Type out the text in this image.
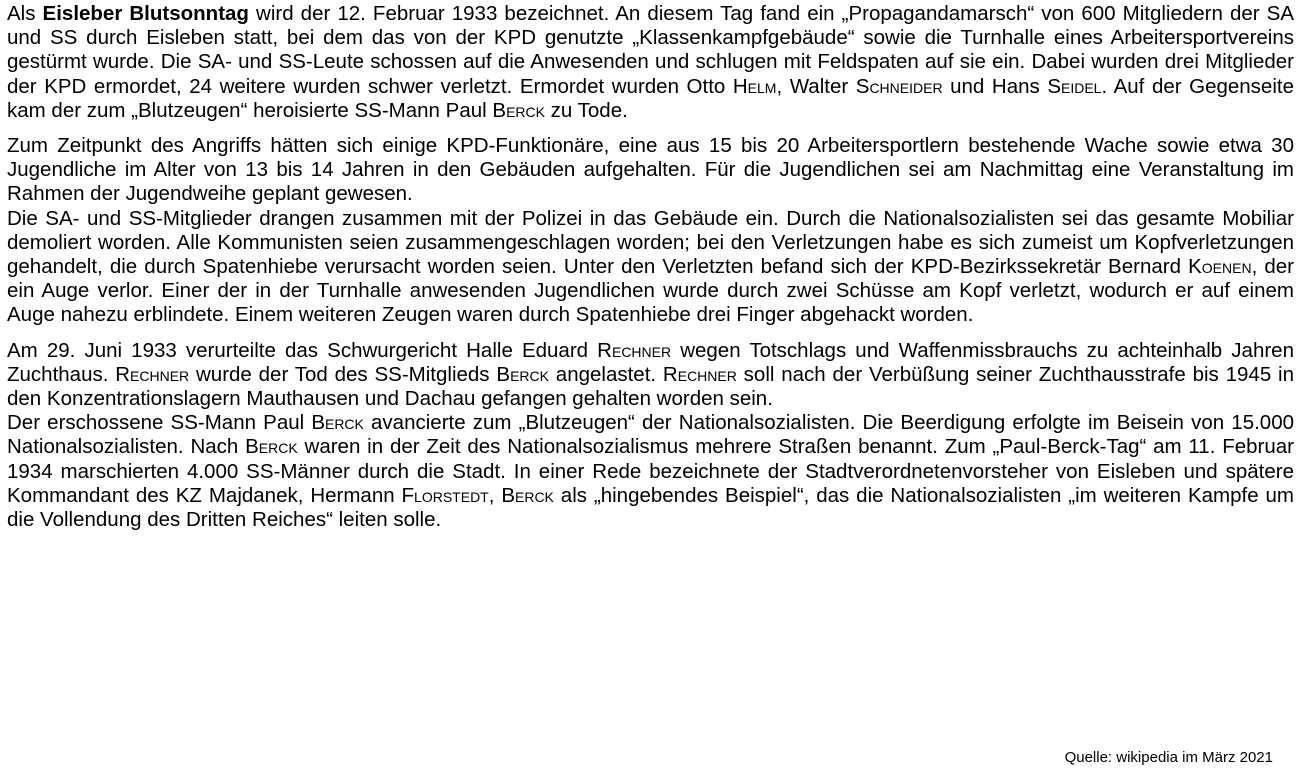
Als Eisleber Blutsonntag wird der 12. Februar 1933 bezeichnet. An diesem Tag fand ein „Propagandamarsch“ von 600 Mitgliedern der SA und SS durch Eisleben statt, bei dem das von der KPD genutzte „Klassenkampfgebäude“ sowie die Turnhalle eines Arbeitersportvereins gestürmt wurde. Die SA- und SS-Leute schossen auf die Anwesenden und schlugen mit Feldspaten auf sie ein. Dabei wurden drei Mitglieder der KPD ermordet, 24 weitere wurden schwer verletzt. Ermordet wurden Otto Helm, Walter Schneider und Hans Seidel. Auf der Gegenseite kam der zum „Blutzeugen“ heroisierte SS-Mann Paul Berck zu Tode.

Zum Zeitpunkt des Angriffs hätten sich einige KPD-Funktionäre, eine aus 15 bis 20 Arbeitersportlern bestehende Wache sowie etwa 30 Jugendliche im Alter von 13 bis 14 Jahren in den Gebäuden aufgehalten. Für die Jugendlichen sei am Nachmittag eine Veranstaltung im Rahmen der Jugendweihe geplant gewesen.

Die SA- und SS-Mitglieder drangen zusammen mit der Polizei in das Gebäude ein. Durch die Nationalsozialisten sei das gesamte Mobiliar demoliert worden. Alle Kommunisten seien zusammengeschlagen worden; bei den Verletzungen habe es sich zumeist um Kopfverletzungen gehandelt, die durch Spatenhiebe verursacht worden seien. Unter den Verletzten befand sich der KPD-Bezirkssekretär Bernard Koenen, der ein Auge verlor. Einer der in der Turnhalle anwesenden Jugendlichen wurde durch zwei Schüsse am Kopf verletzt, wodurch er auf einem Auge nahezu erblindete. Einem weiteren Zeugen waren durch Spatenhiebe drei Finger abgehackt worden.

Am 29. Juni 1933 verurteilte das Schwurgericht Halle Eduard Rechner wegen Totschlags und Waffenmissbrauchs zu achteinhalb Jahren Zuchthaus. Rechner wurde der Tod des SS-Mitglieds Berck angelastet. Rechner soll nach der Verbüßung seiner Zuchthausstrafe bis 1945 in den Konzentrationslagern Mauthausen und Dachau gefangen gehalten worden sein.

Der erschossene SS-Mann Paul Berck avancierte zum „Blutzeugen“ der Nationalsozialisten. Die Beerdigung erfolgte im Beisein von 15.000 Nationalsozialisten. Nach Berck waren in der Zeit des Nationalsozialismus mehrere Straßen benannt. Zum „Paul-Berck-Tag“ am 11. Februar 1934 marschierten 4.000 SS-Männer durch die Stadt. In einer Rede bezeichnete der Stadtverordnetenvorsteher von Eisleben und spätere Kommandant des KZ Majdanek, Hermann Florstedt, Berck als „hingebendes Beispiel“, das die Nationalsozialisten „im weiteren Kampfe um die Vollendung des Dritten Reiches“ leiten solle.

Quelle: wikipedia im März 2021
